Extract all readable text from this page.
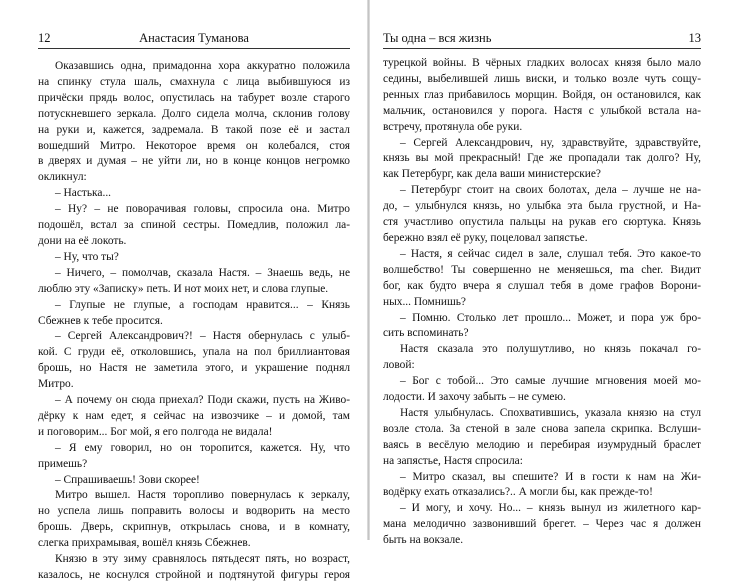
12	Анастасия Туманова
Оказавшись одна, примадонна хора аккуратно положила
на спинку стула шаль, смахнула с лица выбившуюся из
причёски прядь волос, опустилась на табурет возле старого
потускневшего зеркала. Долго сидела молча, склонив голову
на руки и, кажется, задремала. В такой позе её и застал
вошедший Митро. Некоторое время он колебался, стоя
в дверях и думая – не уйти ли, но в конце концов негромко
окликнул:
– Настька...
– Ну? – не поворачивая головы, спросила она. Митро
подошёл, встал за спиной сестры. Помедлив, положил ла-
дони на её локоть.
– Ну, что ты?
– Ничего, – помолчав, сказала Настя. – Знаешь ведь, не
люблю эту «Записку» петь. И нот моих нет, и слова глупые.
– Глупые не глупые, а господам нравится... – Князь
Сбежнев к тебе просится.
– Сергей Александрович?! – Настя обернулась с улыб-
кой. С груди её, отколовшись, упала на пол бриллиантовая
брошь, но Настя не заметила этого, и украшение поднял
Митро.
– А почему он сюда приехал? Поди скажи, пусть на Живо-
дёрку к нам едет, я сейчас на извозчике – и домой, там
и поговорим... Бог мой, я его полгода не видала!
– Я ему говорил, но он торопится, кажется. Ну, что
примешь?
– Спрашиваешь! Зови скорее!
Митро вышел. Настя торопливо повернулась к зеркалу,
но успела лишь поправить волосы и водворить на место
брошь. Дверь, скрипнув, открылась снова, и в комнату,
слегка прихрамывая, вошёл князь Сбежнев.
Князю в эту зиму сравнялось пятьдесят пять, но возраст,
казалось, не коснулся стройной и подтянутой фигуры героя
Ты одна – вся жизнь	13
турецкой войны. В чёрных гладких волосах князя было мало
седины, выбелившей лишь виски, и только возле чуть сощу-
ренных глаз прибавилось морщин. Войдя, он остановился, как
мальчик, остановился у порога. Настя с улыбкой встала на-
встречу, протянула обе руки.
– Сергей Александрович, ну, здравствуйте, здравствуйте,
князь вы мой прекрасный! Где же пропадали так долго? Ну,
как Петербург, как дела ваши министерские?
– Петербург стоит на своих болотах, дела – лучше не на-
до, – улыбнулся князь, но улыбка эта была грустной, и На-
стя участливо опустила пальцы на рукав его сюртука. Князь
бережно взял её руку, поцеловал запястье.
– Настя, я сейчас сидел в зале, слушал тебя. Это какое-то
волшебство! Ты совершенно не меняешься, ma cher. Видит
бог, как будто вчера я слушал тебя в доме графов Ворони-
ных... Помнишь?
– Помню. Столько лет прошло... Может, и пора уж бро-
сить вспоминать?
Настя сказала это полушутливо, но князь покачал го-
ловой:
– Бог с тобой... Это самые лучшие мгновения моей мо-
лодости. И захочу забыть – не сумею.
Настя улыбнулась. Спохватившись, указала князю на стул
возле стола. За стеной в зале снова запела скрипка. Вслуши-
ваясь в весёлую мелодию и перебирая изумрудный браслет
на запястье, Настя спросила:
– Митро сказал, вы спешите? И в гости к нам на Жи-
водёрку ехать отказались?.. А могли бы, как прежде-то!
– И могу, и хочу. Но... – князь вынул из жилетного кар-
мана мелодично зазвонивший брегет. – Через час я должен
быть на вокзале.
